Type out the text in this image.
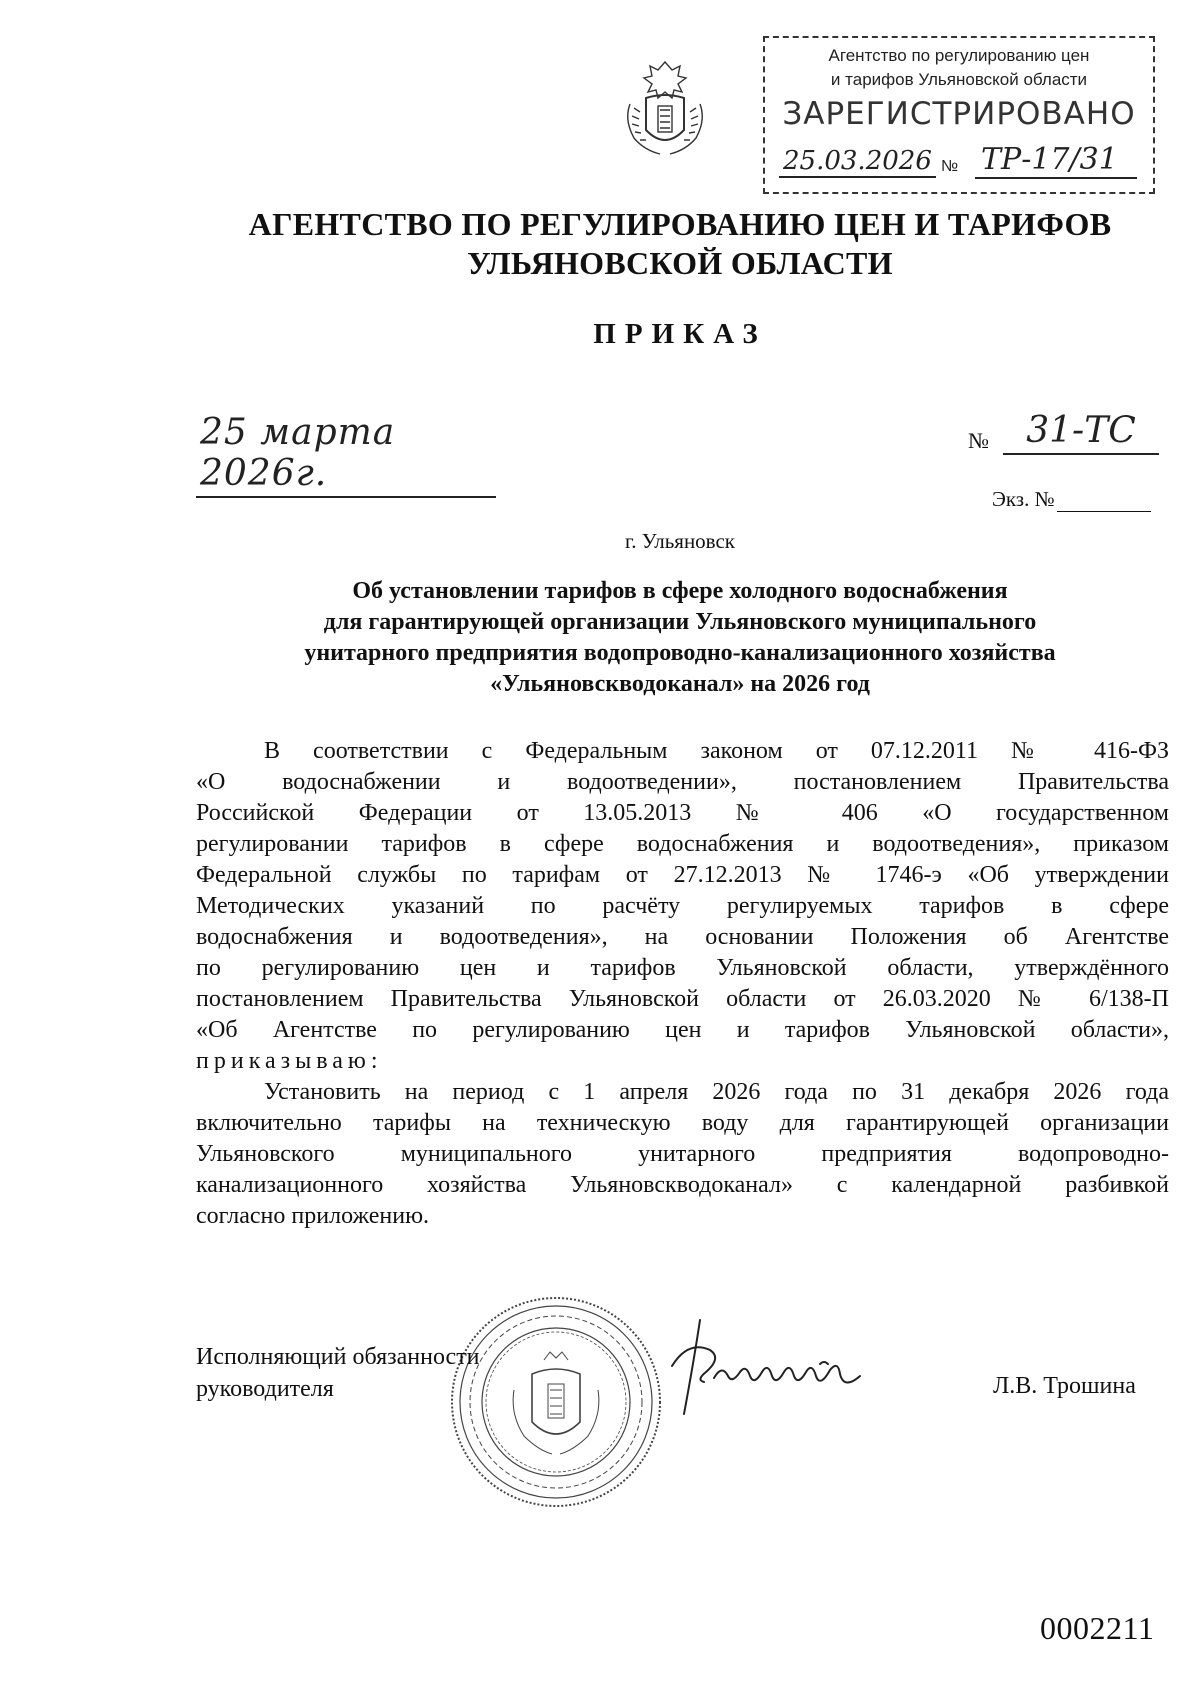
Агентство по регулированию цен
и тарифов Ульяновской области
ЗАРЕГИСТРИРОВАНО
25.03.2026 № ТР-17/31
АГЕНТСТВО ПО РЕГУЛИРОВАНИЮ ЦЕН И ТАРИФОВ
УЛЬЯНОВСКОЙ ОБЛАСТИ
ПРИКАЗ
25 марта 2026г.
№	31-ТС
Экз. №
г. Ульяновск
Об установлении тарифов в сфере холодного водоснабжения
для гарантирующей организации Ульяновского муниципального
унитарного предприятия водопроводно-канализационного хозяйства
«Ульяновскводоканал» на 2026 год
В соответствии с Федеральным законом от 07.12.2011 № 416-ФЗ
«О водоснабжении и водоотведении», постановлением Правительства
Российской Федерации от 13.05.2013 № 406 «О государственном
регулировании тарифов в сфере водоснабжения и водоотведения», приказом
Федеральной службы по тарифам от 27.12.2013 № 1746-э «Об утверждении
Методических указаний по расчёту регулируемых тарифов в сфере
водоснабжения и водоотведения», на основании Положения об Агентстве
по регулированию цен и тарифов Ульяновской области, утверждённого
постановлением Правительства Ульяновской области от 26.03.2020 № 6/138-П
«Об Агентстве по регулированию цен и тарифов Ульяновской области»,
приказываю:
Установить на период с 1 апреля 2026 года по 31 декабря 2026 года
включительно тарифы на техническую воду для гарантирующей организации
Ульяновского муниципального унитарного предприятия водопроводно-
канализационного хозяйства Ульяновскводоканал» с календарной разбивкой
согласно приложению.
Исполняющий обязанности
руководителя	Л.В. Трошина
0002211
